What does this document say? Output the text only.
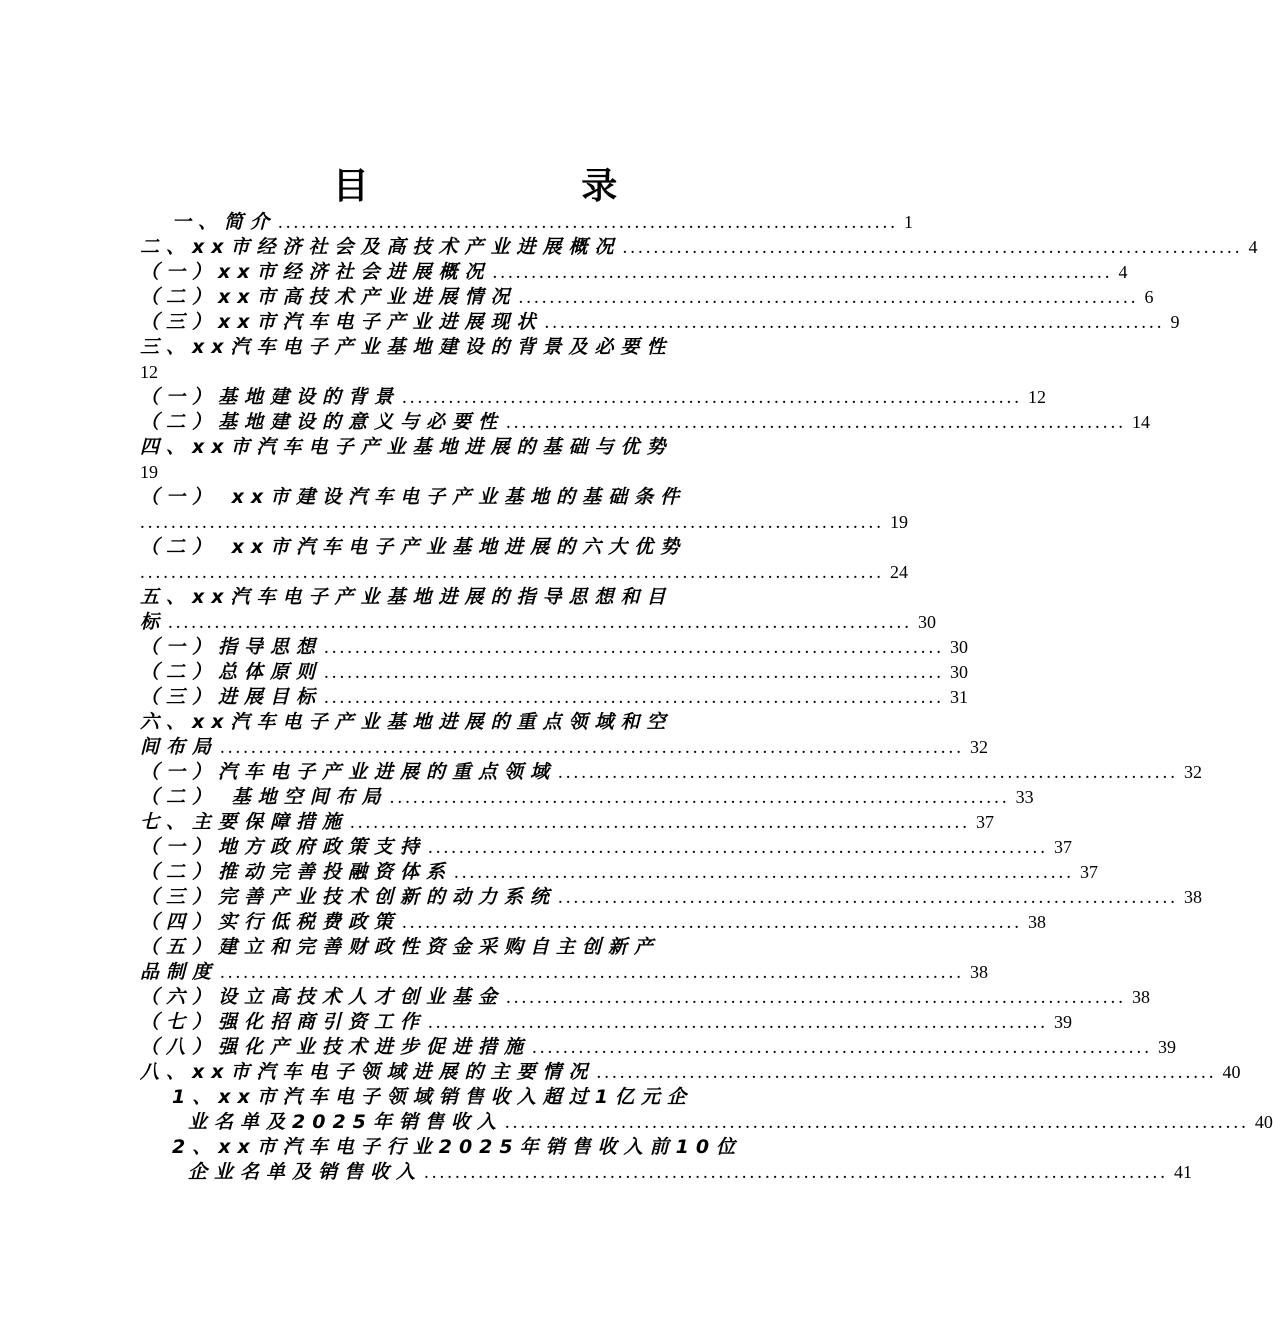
目 录
一、简介 ................................................................................ 1
二、xx市经济社会及高技术产业进展概况 ................................................................................ 4
（一）xx市经济社会进展概况 ................................................................................ 4
（二）xx市高技术产业进展情况 ................................................................................ 6
（三）xx市汽车电子产业进展现状 ................................................................................ 9
三、xx汽车电子产业基地建设的背景及必要性
12
（一）基地建设的背景 ................................................................................ 12
（二）基地建设的意义与必要性 ................................................................................ 14
四、xx市汽车电子产业基地进展的基础与优势
19
（一） xx市建设汽车电子产业基地的基础条件
................................................................................................ 19
（二） xx市汽车电子产业基地进展的六大优势
................................................................................................ 24
五、xx汽车电子产业基地进展的指导思想和目
标 ................................................................................................ 30
（一）指导思想 ................................................................................ 30
（二）总体原则 ................................................................................ 30
（三）进展目标 ................................................................................ 31
六、xx汽车电子产业基地进展的重点领域和空
间布局 ................................................................................................ 32
（一）汽车电子产业进展的重点领域 ................................................................................ 32
（二） 基地空间布局 ................................................................................ 33
七、主要保障措施 ................................................................................ 37
（一）地方政府政策支持 ................................................................................ 37
（二）推动完善投融资体系 ................................................................................ 37
（三）完善产业技术创新的动力系统 ................................................................................ 38
（四）实行低税费政策 ................................................................................ 38
（五）建立和完善财政性资金采购自主创新产
品制度 ................................................................................................ 38
（六）设立高技术人才创业基金 ................................................................................ 38
（七）强化招商引资工作 ................................................................................ 39
（八）强化产业技术进步促进措施 ................................................................................ 39
八、xx市汽车电子领域进展的主要情况 ................................................................................ 40
1、xx市汽车电子领域销售收入超过1亿元企
业名单及2025年销售收入 ................................................................................................ 40
2、xx市汽车电子行业2025年销售收入前10位
企业名单及销售收入 ................................................................................................ 41
